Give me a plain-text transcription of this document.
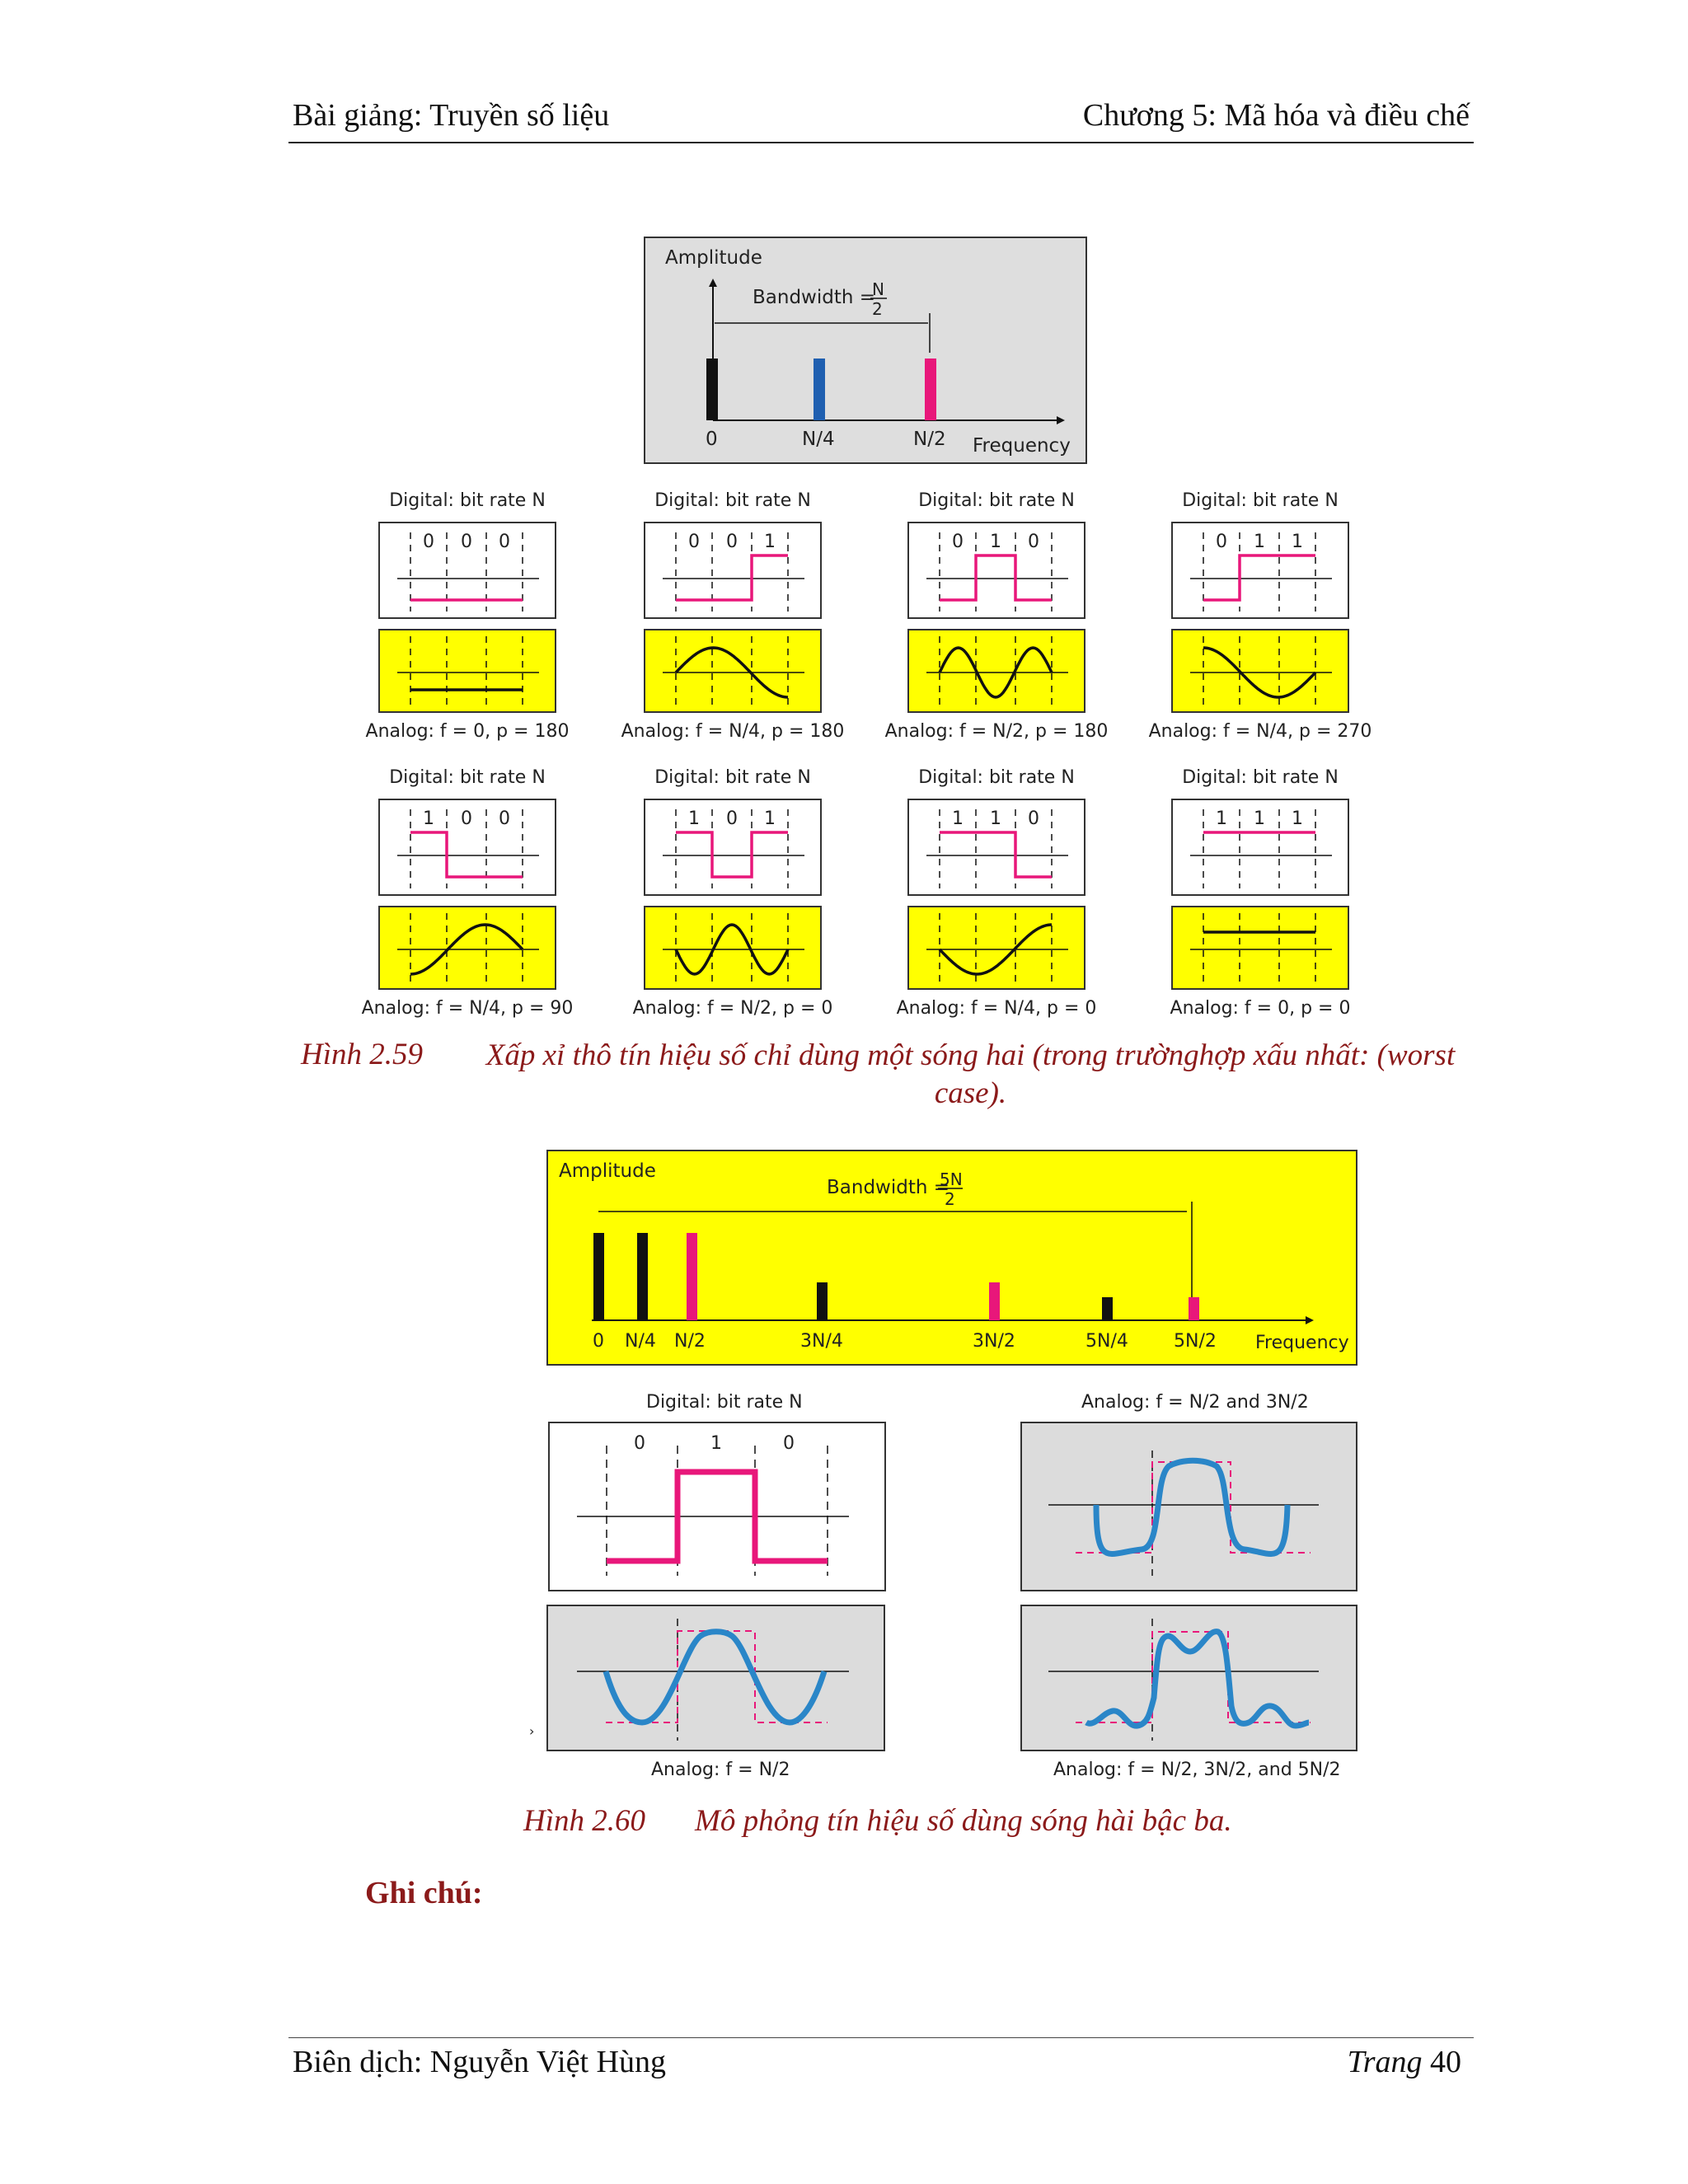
Bài giảng: Truyền số liệu	Chương 5: Mã hóa và điều chế
Amplitude
Bandwidth =
N
2
0	N/4	N/2 Frequency
Digital: bit rate N
0 0 0
Analog: f = 0, p = 180
Digital: bit rate N
0 0 1
Analog: f = N/4, p = 180
Digital: bit rate N
0 1 0
Analog: f = N/2, p = 180
Digital: bit rate N
0 1 1
Analog: f = N/4, p = 270
Digital: bit rate N
1 0 0
Analog: f = N/4, p = 90
Digital: bit rate N
1 0 1
Analog: f = N/2, p = 0
Digital: bit rate N
1 1 0
Analog: f = N/4, p = 0
Digital: bit rate N
1 1 1
Analog: f = 0, p = 0
Amplitude
Bandwidth =
5N
2
0 N/4 N/2	3N/4	3N/2	5N/4	5N/2 Frequency
Digital: bit rate N	Analog: f = N/2 and 3N/2
0	1	0
›
Analog: f = N/2	Analog: f = N/2, 3N/2, and 5N/2
Hình 2.59	Xấp xỉ thô tín hiệu số chỉ dùng một sóng hai (trong trườnghợp xấu nhất: (worst case).
Hình 2.60 Mô phỏng tín hiệu số dùng sóng hài bậc ba.
Ghi chú:
Biên dịch: Nguyễn Việt Hùng	Trang 40
